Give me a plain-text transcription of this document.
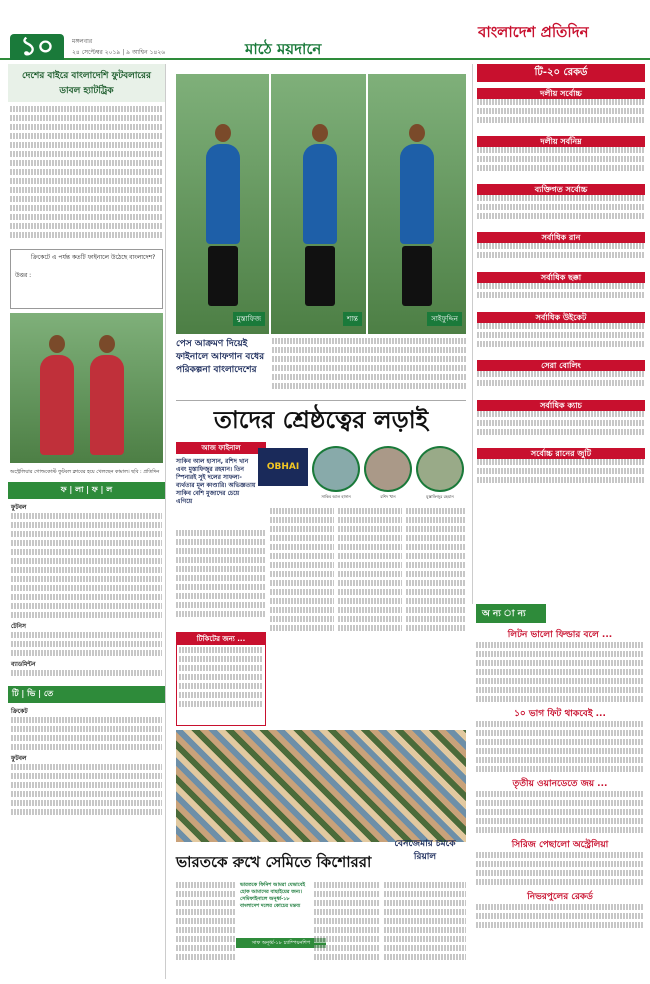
১০	মঙ্গলবার
২৪ সেপ্টেম্বর ২০১৯ | ৯ আশ্বিন ১৪২৬	মাঠে ময়দানে
বাংলাদেশ প্রতিদিন
দেশের বাইরে বাংলাদেশি ফুটবলারের ডাবল হ্যাটট্রিক
ক্রিকেটে এ পর্যন্ত কতটি ফাইনালে উঠেছে বাংলাদেশ?
উত্তর :
অস্ট্রেলিয়ার গোল্ডকোস্ট ফুটবল ক্লাবের হয়ে খেলছেন কামাল। ছবি : প্রতিদিন
ফ | লা | ফ | ল
ফুটবল
টেনিস
ব্যাডমিন্টন
টি | ভি | তে
ক্রিকেট
ফুটবল
মুস্তাফিজ	শান্ত	সাইফুদ্দিন
পেস আক্রমণ দিয়েই ফাইনালে আফগান বধের পরিকল্পনা বাংলাদেশের
তাদের শ্রেষ্ঠত্বের লড়াই
আজ ফাইনাল
সাকিব আল হাসান, রশিদ খান এবং মুস্তাফিজুর রহমান। তিন স্পিনারই সুই দলের সাফল্য-ব্যর্থতার মূল কাণ্ডারি। অভিজ্ঞতায় সাকিব বেশি মুজাদের চেয়ে এগিয়ে
OBHAI
সাকিব আল হাসান	রশিদ খান	মুস্তাফিজুর রহমান
টিকিটের জন্য ...
ভারতকে রুখে সেমিতে কিশোররা
বেনজেমার চমকে রিয়াল
ভারতকে ফিনিশ আমরা যেভাবেই হোক আমাদের বাছাইয়ের জন্য। সেমিফাইনালে অনূর্ধ্ব-১৮ বাংলাদেশ দলের কোচের মন্তব্য
সাফ অনূর্ধ্ব-১৮ চ্যাম্পিয়নশিপ
টি-২০ রেকর্ড
দলীয় সর্বোচ্চ
দলীয় সর্বনিম্ন
ব্যক্তিগত সর্বোচ্চ
সর্বাধিক রান
সর্বাধিক ছক্কা
সর্বাধিক উইকেট
সেরা বোলিং
সর্বাধিক ক্যাচ
সর্বোচ্চ রানের জুটি
অ ন্য া ন্য
লিটন ভালো ফিল্ডার বলে ...
১০ ভাগ ফিট থাকবেই ...
তৃতীয় ওয়ানডেতে জয় ...
সিরিজ পেছালো অস্ট্রেলিয়া
নিভরপুলের রেকর্ড
